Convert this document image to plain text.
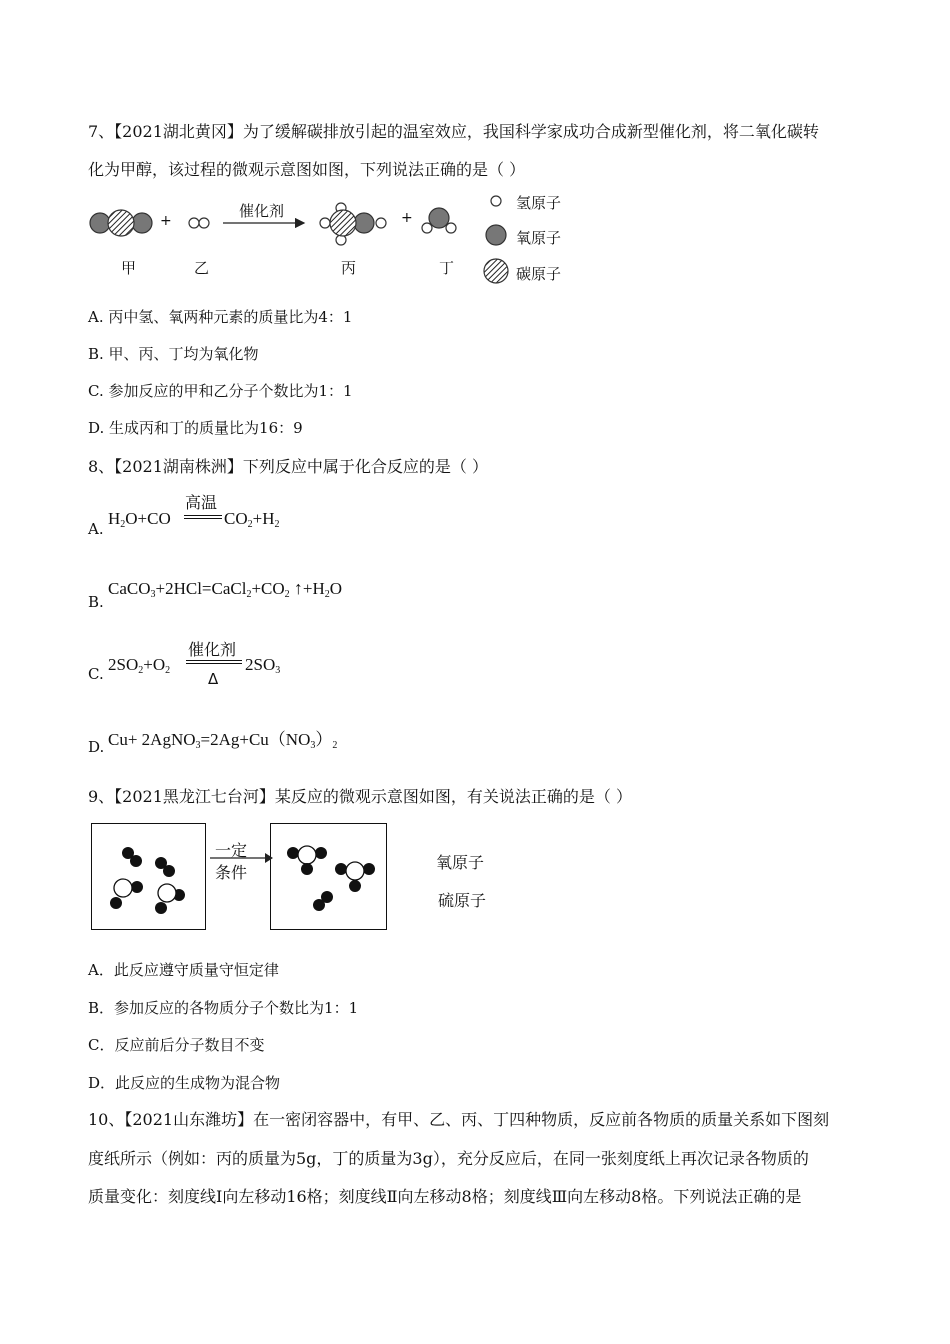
7、【2021湖北黄冈】为了缓解碳排放引起的温室效应，我国科学家成功合成新型催化剂，将二氧化碳转
化为甲醇，该过程的微观示意图如图，下列说法正确的是（ ）
催化剂
+	+
甲	乙	丙	丁
氢原子
氧原子
碳原子
A. 丙中氢、氧两种元素的质量比为4：1
B. 甲、丙、丁均为氧化物
C. 参加反应的甲和乙分子个数比为1：1
D. 生成丙和丁的质量比为16：9
8、【2021湖南株洲】下列反应中属于化合反应的是（ ）
A.
$H_2O+CO$
高温
$CO_2+H_2$
B.
$CaCO_3+2HCl=CaCl_2+CO_2$ $↑+H_2O$
C. $2SO_2+O_2$
催化剂
Δ
$2SO_3$
D. $Cu+ 2AgNO_3=2Ag+Cu(NO_3)_2$
9、【2021黑龙江七台河】某反应的微观示意图如图，有关说法正确的是（ ）
一定
条件
氧原子
硫原子
A．此反应遵守质量守恒定律
B．参加反应的各物质分子个数比为1：1
C．反应前后分子数目不变
D．此反应的生成物为混合物
10、【2021山东潍坊】在一密闭容器中，有甲、乙、丙、丁四种物质，反应前各物质的质量关系如下图刻
度纸所示（例如：丙的质量为5g，丁的质量为3g），充分反应后，在同一张刻度纸上再次记录各物质的
质量变化：刻度线Ⅰ向左移动16格；刻度线Ⅱ向左移动8格；刻度线Ⅲ向左移动8格。下列说法正确的是
